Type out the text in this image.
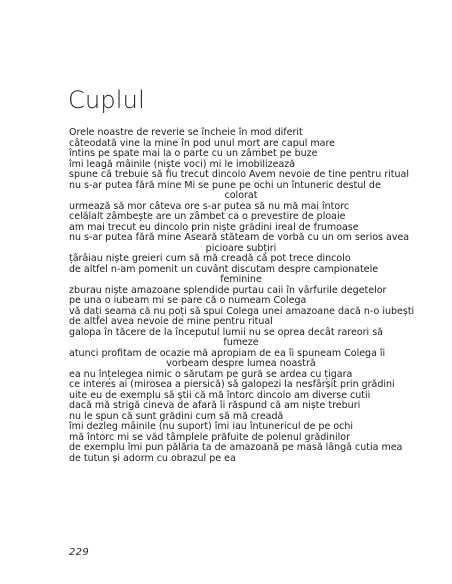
Cuplul
Orele noastre de reverie se încheie în mod diferit
câteodată vine la mine în pod unul mort are capul mare
întins pe spate mai la o parte cu un zâmbet pe buze
îmi leagă mâinile (niște voci) mi le imobilizează
spune că trebuie să fiu trecut dincolo Avem nevoie de tine pentru ritual
nu s-ar putea fără mine Mi se pune pe ochi un întuneric destul de
colorat
urmează să mor câteva ore s-ar putea să nu mă mai întorc
celălalt zâmbește are un zâmbet ca o prevestire de ploaie
am mai trecut eu dincolo prin niște grădini ireal de frumoase
nu s-ar putea fără mine Aseară stăteam de vorbă cu un om serios avea
picioare subțiri
țârâiau niște greieri cum să mă creadă că pot trece dincolo
de altfel n-am pomenit un cuvânt discutam despre campionatele
feminine
zburau niște amazoane splendide purtau caii în vârfurile degetelor
pe una o iubeam mi se pare că o numeam Colega
vă dați seama că nu poți să spui Colega unei amazoane dacă n-o iubești
de altfel avea nevoie de mine pentru ritual
galopa în tăcere de la începutul lumii nu se oprea decât rareori să
fumeze
atunci profitam de ocazie mă apropiam de ea îi spuneam Colega îi
vorbeam despre lumea noastră
ea nu înțelegea nimic o sărutam pe gură se ardea cu țigara
ce interes ai (mirosea a piersică) să galopezi la nesfârșit prin grădini
uite eu de exemplu să știi că mă întorc dincolo am diverse cutii
dacă mă strigă cineva de afară îi răspund că am niște treburi
nu le spun că sunt grădini cum să mă creadă
îmi dezleg mâinile (nu suport) îmi iau întunericul de pe ochi
mă întorc mi se văd tâmplele prăfuite de polenul grădinilor
de exemplu îmi pun pălăria ta de amazoană pe masă lângă cutia mea
de tutun și adorm cu obrazul pe ea
229
